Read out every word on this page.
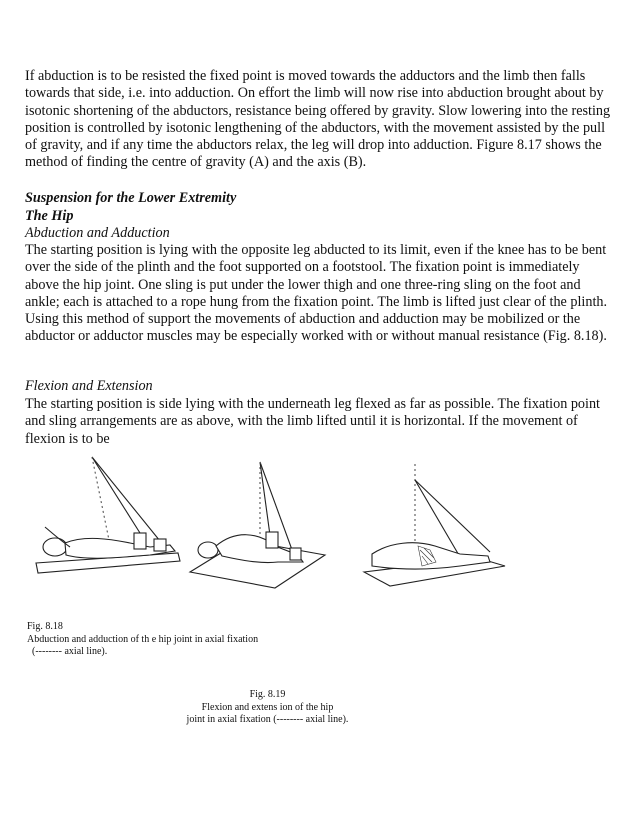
If abduction is to be resisted the fixed point is moved towards the adductors and the limb then falls towards that side, i.e. into adduction. On effort the limb will now rise into abduction brought about by isotonic shortening of the abductors, resistance being offered by gravity. Slow lowering into the resting position is controlled by isotonic lengthening of the abductors, with the movement assisted by the pull of gravity, and if any time the abductors relax, the leg will drop into adduction. Figure 8.17 shows the method of finding the centre of gravity (A) and the axis (B).

Suspension for the Lower Extremity

The Hip

Abduction and Adduction

The starting position is lying with the opposite leg abducted to its limit, even if the knee has to be bent over the side of the plinth and the foot supported on a footstool. The fixation point is immediately above the hip joint. One sling is put under the lower thigh and one three-ring sling on the foot and ankle; each is attached to a rope hung from the fixation point. The limb is lifted just clear of the plinth. Using this method of support the movements of abduction and adduction may be mobilized or the abductor or adductor muscles may be especially worked with or without manual resistance (Fig. 8.18).

Flexion and Extension

The starting position is side lying with the underneath leg flexed as far as possible. The fixation point and sling arrangements are as above, with the limb lifted until it is horizontal. If the movement of flexion is to be

Fig. 8.18
Abduction and adduction of th e hip joint in axial fixation
(‑‑‑‑‑‑‑‑ axial line).
Fig. 8.19
Flexion and extens ion of the hip
joint in axial fixation (‑‑‑‑‑‑‑‑ axial line).
